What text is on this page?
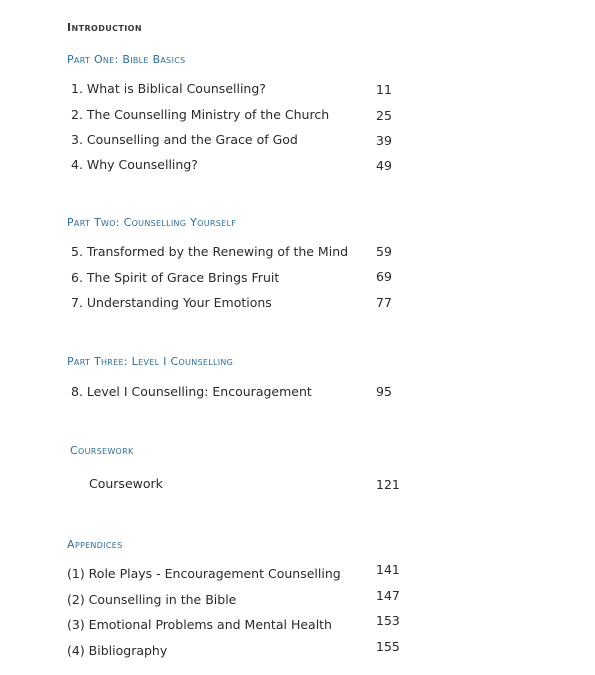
Introduction
Part One: Bible Basics
1. What is Biblical Counselling?	11
2. The Counselling Ministry of the Church	25
3. Counselling and the Grace of God	39
4. Why Counselling?	49
Part Two: Counselling Yourself
5. Transformed by the Renewing of the Mind 59
6. The Spirit of Grace Brings Fruit	69
7. Understanding Your Emotions	77
Part Three: Level I Counselling
8. Level I Counselling: Encouragement	95
Coursework
Coursework	121
Appendices
(1) Role Plays - Encouragement Counselling	141
(2) Counselling in the Bible	147
(3) Emotional Problems and Mental Health	153
(4) Bibliography	155
